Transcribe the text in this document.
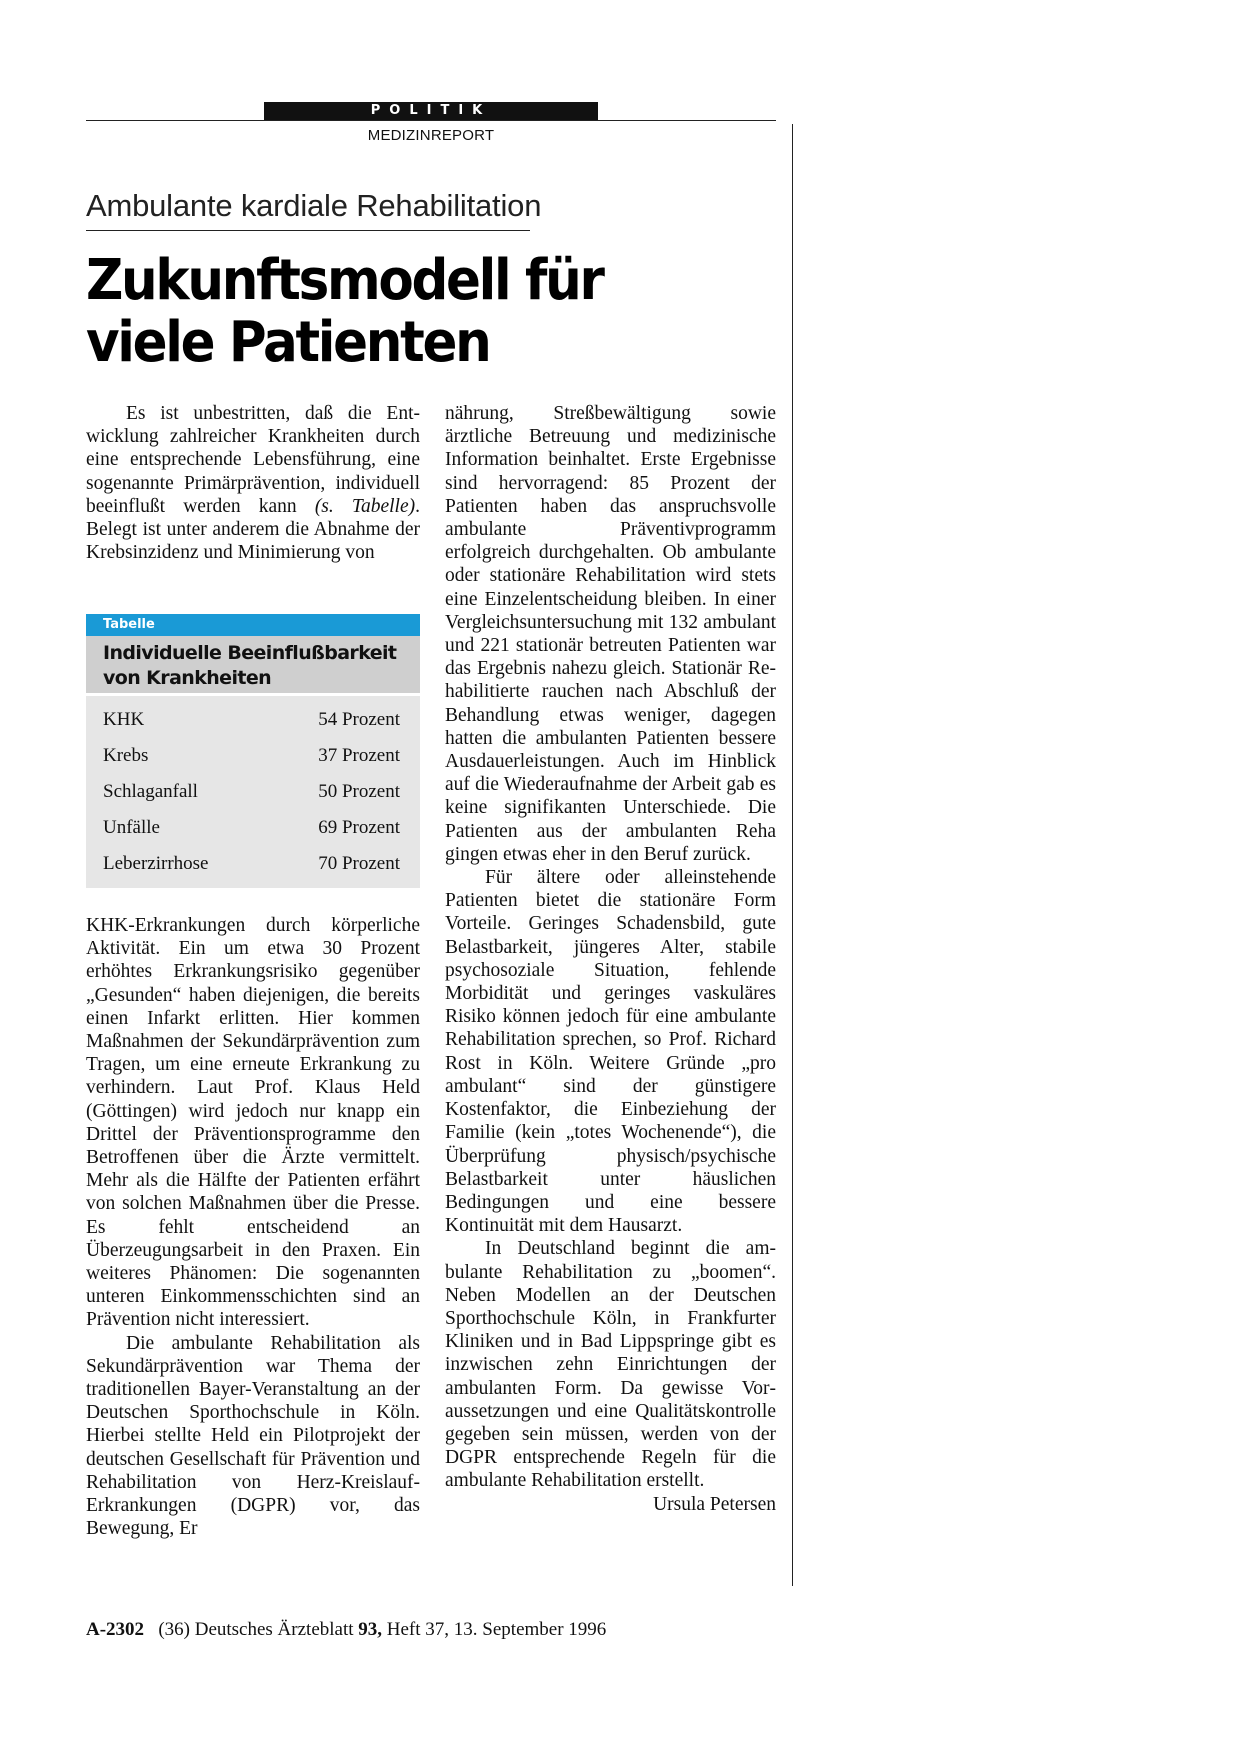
POLITIK
MEDIZINREPORT
Ambulante kardiale Rehabilitation
Zukunftsmodell für
viele Patienten

Es ist unbestritten, daß die Entwicklung zahlreicher Krankheiten durch eine entsprechende Lebensführung, eine sogenannte Primärprävention, individuell beeinflußt werden kann (s. Tabelle). Belegt ist unter anderem die Abnahme der Krebsinzidenz und Minimierung von

Tabelle
Individuelle Beeinflußbarkeit von Krankheiten
KHK	54 Prozent
Krebs	37 Prozent
Schlaganfall	50 Prozent
Unfälle	69 Prozent
Leberzirrhose	70 Prozent

KHK-Erkrankungen durch körperliche Aktivität. Ein um etwa 30 Prozent erhöhtes Erkrankungsrisiko gegenüber „Gesunden“ haben diejenigen, die bereits einen Infarkt erlitten. Hier kommen Maßnahmen der Sekundärprävention zum Tragen, um eine erneute Erkrankung zu verhindern. Laut Prof. Klaus Held (Göttingen) wird jedoch nur knapp ein Drittel der Präventionsprogramme den Betroffenen über die Ärzte vermittelt. Mehr als die Hälfte der Patienten erfährt von solchen Maßnahmen über die Presse. Es fehlt entscheidend an Überzeugungsarbeit in den Praxen. Ein weiteres Phänomen: Die sogenannten unteren Einkommensschichten sind an Prävention nicht interessiert.

Die ambulante Rehabilitation als Sekundärprävention war Thema der traditionellen Bayer-Veranstaltung an der Deutschen Sporthochschule in Köln. Hierbei stellte Held ein Pilotprojekt der deutschen Gesellschaft für Prävention und Rehabilitation von Herz-Kreislauf-Erkrankungen (DGPR) vor, das Bewegung, Er

nährung, Streßbewältigung sowie ärztliche Betreuung und medizinische Information beinhaltet. Erste Ergebnisse sind hervorragend: 85 Prozent der Patienten haben das anspruchsvolle ambulante Präventivprogramm erfolgreich durchgehalten. Ob ambulante oder stationäre Rehabilitation wird stets eine Einzelentscheidung bleiben. In einer Vergleichsuntersuchung mit 132 ambulant und 221 stationär betreuten Patienten war das Ergebnis nahezu gleich. Stationär Rehabilitierte rauchen nach Abschluß der Behandlung etwas weniger, dagegen hatten die ambulanten Patienten bessere Ausdauerleistungen. Auch im Hinblick auf die Wiederaufnahme der Arbeit gab es keine signifikanten Unterschiede. Die Patienten aus der ambulanten Reha gingen etwas eher in den Beruf zurück.

Für ältere oder alleinstehende Patienten bietet die stationäre Form Vorteile. Geringes Schadensbild, gute Belastbarkeit, jüngeres Alter, stabile psychosoziale Situation, fehlende Morbidität und geringes vaskuläres Risiko können jedoch für eine ambulante Rehabilitation sprechen, so Prof. Richard Rost in Köln. Weitere Gründe „pro ambulant“ sind der günstigere Kostenfaktor, die Einbeziehung der Familie (kein „totes Wochenende“), die Überprüfung physisch/psychische Belastbarkeit unter häuslichen Bedingungen und eine bessere Kontinuität mit dem Hausarzt.

In Deutschland beginnt die ambulante Rehabilitation zu „boomen“. Neben Modellen an der Deutschen Sporthochschule Köln, in Frankfurter Kliniken und in Bad Lippspringe gibt es inzwischen zehn Einrichtungen der ambulanten Form. Da gewisse Voraussetzungen und eine Qualitätskontrolle gegeben sein müssen, werden von der DGPR entsprechende Regeln für die ambulante Rehabilitation erstellt.
Ursula Petersen

A-2302 (36) Deutsches Ärzteblatt 93, Heft 37, 13. September 1996
